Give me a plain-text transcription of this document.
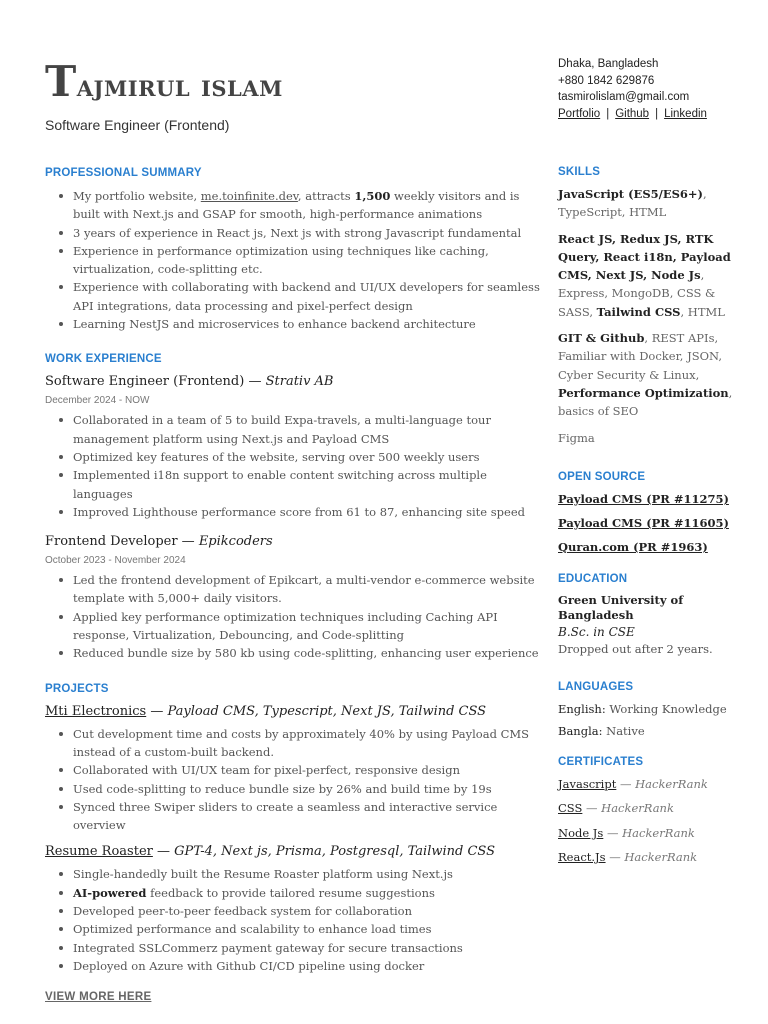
Tajmirul islam
Software Engineer (Frontend)
PROFESSIONAL SUMMARY
My portfolio website, me.toinfinite.dev, attracts 1,500 weekly visitors and is built with Next.js and GSAP for smooth, high-performance animations
3 years of experience in React js, Next js with strong Javascript fundamental
Experience in performance optimization using techniques like caching, virtualization, code-splitting etc.
Experience with collaborating with backend and UI/UX developers for seamless API integrations, data processing and pixel-perfect design
Learning NestJS and microservices to enhance backend architecture
WORK EXPERIENCE
Software Engineer (Frontend) — Strativ AB
December 2024 - NOW
Collaborated in a team of 5 to build Expa-travels, a multi-language tour management platform using Next.js and Payload CMS
Optimized key features of the website, serving over 500 weekly users
Implemented i18n support to enable content switching across multiple languages
Improved Lighthouse performance score from 61 to 87, enhancing site speed
Frontend Developer — Epikcoders
October 2023 - November 2024
Led the frontend development of Epikcart, a multi-vendor e-commerce website template with 5,000+ daily visitors.
Applied key performance optimization techniques including Caching API response, Virtualization, Debouncing, and Code-splitting
Reduced bundle size by 580 kb using code-splitting, enhancing user experience
PROJECTS
Mti Electronics — Payload CMS, Typescript, Next JS, Tailwind CSS
Cut development time and costs by approximately 40% by using Payload CMS instead of a custom-built backend.
Collaborated with UI/UX team for pixel-perfect, responsive design
Used code-splitting to reduce bundle size by 26% and build time by 19s
Synced three Swiper sliders to create a seamless and interactive service overview
Resume Roaster — GPT-4, Next js, Prisma, Postgresql, Tailwind CSS
Single-handedly built the Resume Roaster platform using Next.js
AI-powered feedback to provide tailored resume suggestions
Developed peer-to-peer feedback system for collaboration
Optimized performance and scalability to enhance load times
Integrated SSLCommerz payment gateway for secure transactions
Deployed on Azure with Github CI/CD pipeline using docker
VIEW MORE HERE
Dhaka, Bangladesh
+880 1842 629876
tasmirolislam@gmail.com
Portfolio | Github | Linkedin
SKILLS
JavaScript (ES5/ES6+), TypeScript, HTML
React JS, Redux JS, RTK Query, React i18n, Payload CMS, Next JS, Node Js, Express, MongoDB, CSS & SASS, Tailwind CSS, HTML
GIT & Github, REST APIs, Familiar with Docker, JSON, Cyber Security & Linux, Performance Optimization, basics of SEO
Figma
OPEN SOURCE
Payload CMS (PR #11275)
Payload CMS (PR #11605)
Quran.com (PR #1963)
EDUCATION
Green University of Bangladesh
B.Sc. in CSE
Dropped out after 2 years.
LANGUAGES
English: Working Knowledge
Bangla: Native
CERTIFICATES
Javascript — HackerRank
CSS — HackerRank
Node Js — HackerRank
React.Js — HackerRank
